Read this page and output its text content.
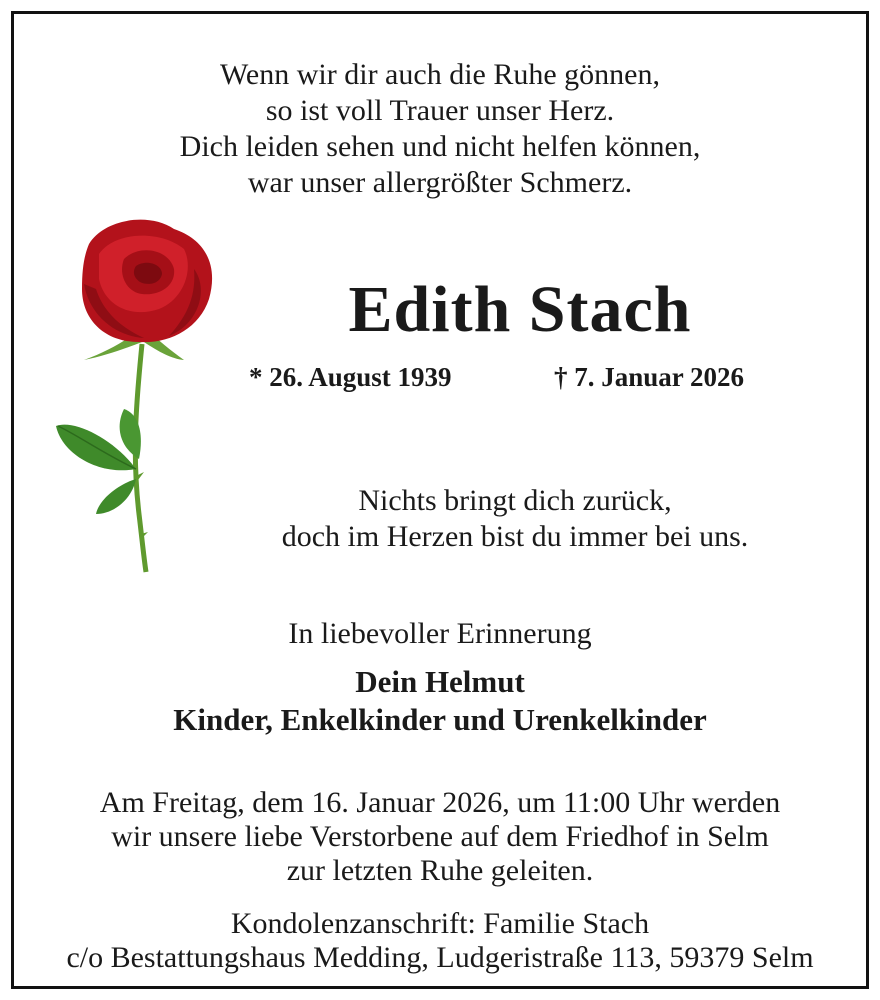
Wenn wir dir auch die Ruhe gönnen,
so ist voll Trauer unser Herz.
Dich leiden sehen und nicht helfen können,
war unser allergrößter Schmerz.
Edith Stach
* 26. August 1939	† 7. Januar 2026
Nichts bringt dich zurück,
doch im Herzen bist du immer bei uns.
In liebevoller Erinnerung
Dein Helmut
Kinder, Enkelkinder und Urenkelkinder
Am Freitag, dem 16. Januar 2026, um 11:00 Uhr werden
wir unsere liebe Verstorbene auf dem Friedhof in Selm
zur letzten Ruhe geleiten.
Kondolenzanschrift: Familie Stach
c/o Bestattungshaus Medding, Ludgeristraße 113, 59379 Selm
